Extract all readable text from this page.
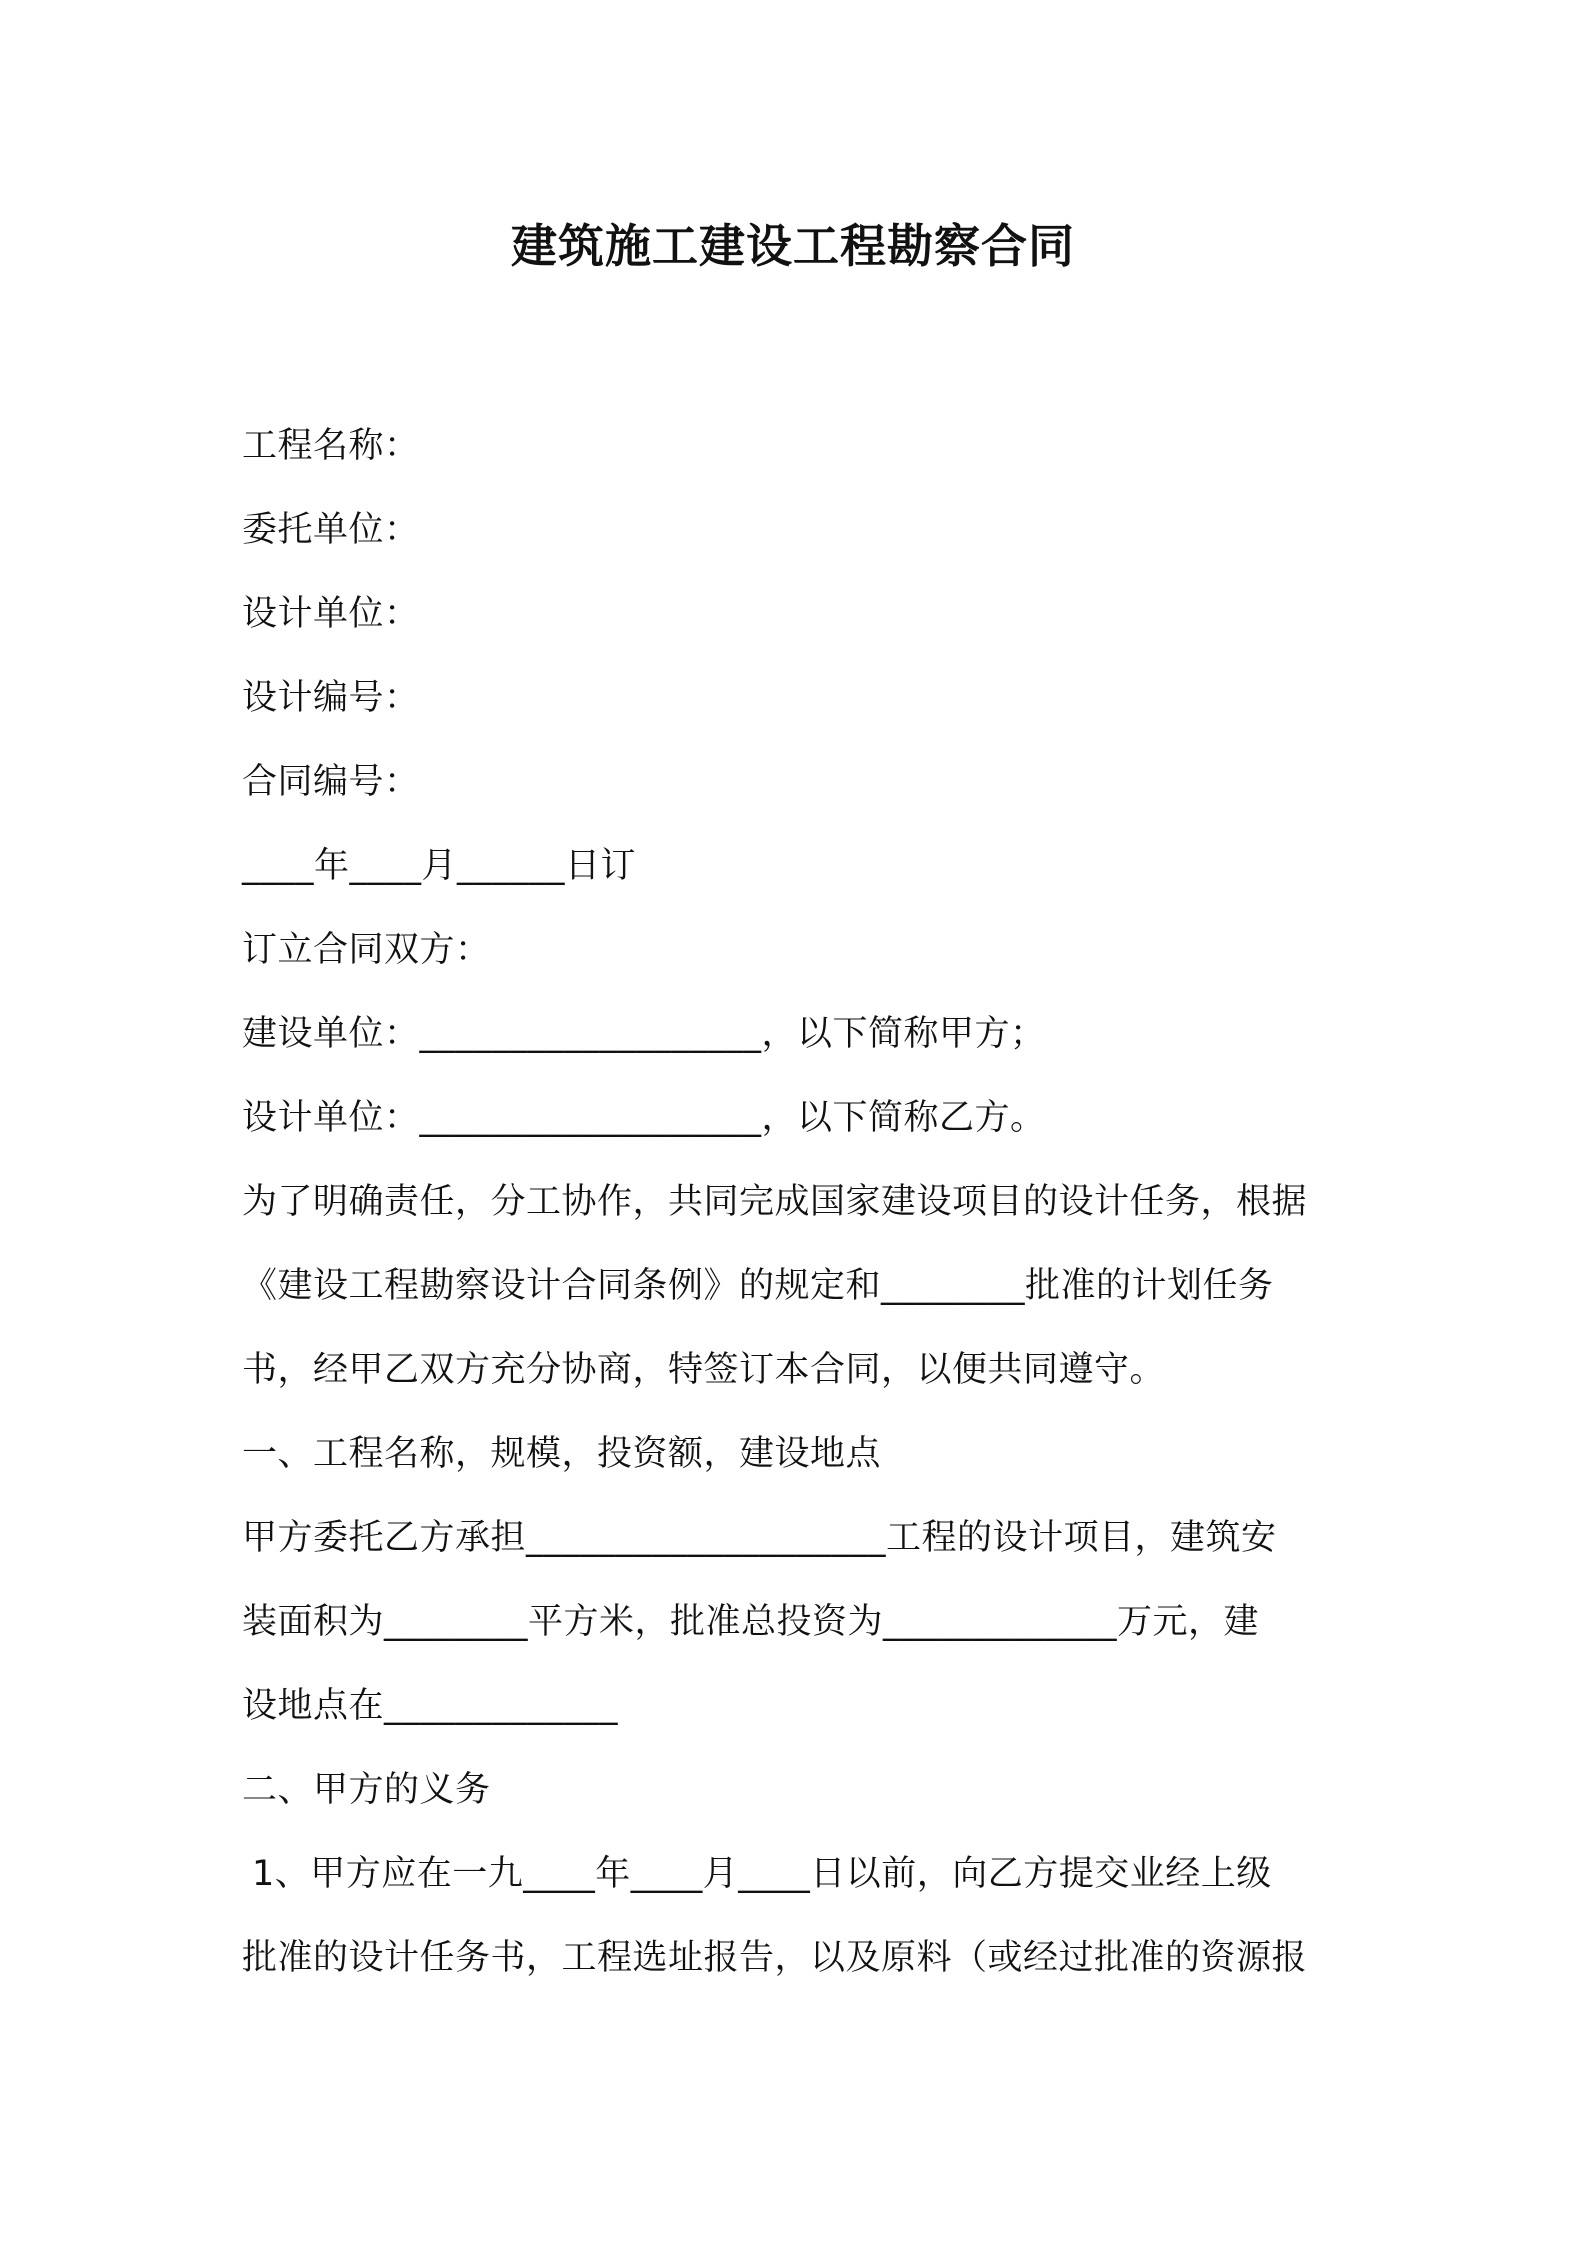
建筑施工建设工程勘察合同
工程名称：
委托单位：
设计单位：
设计编号：
合同编号：
____年____月______日订
订立合同双方：
建设单位：___________________，以下简称甲方；
设计单位：___________________，以下简称乙方。
为了明确责任，分工协作，共同完成国家建设项目的设计任务，根据
《建设工程勘察设计合同条例》的规定和________批准的计划任务
书，经甲乙双方充分协商，特签订本合同，以便共同遵守。
一、工程名称，规模，投资额，建设地点
甲方委托乙方承担____________________工程的设计项目，建筑安
装面积为________平方米，批准总投资为_____________万元，建
设地点在_____________
二、甲方的义务
1、甲方应在一九____年____月____日以前，向乙方提交业经上级
批准的设计任务书，工程选址报告，以及原料（或经过批准的资源报
